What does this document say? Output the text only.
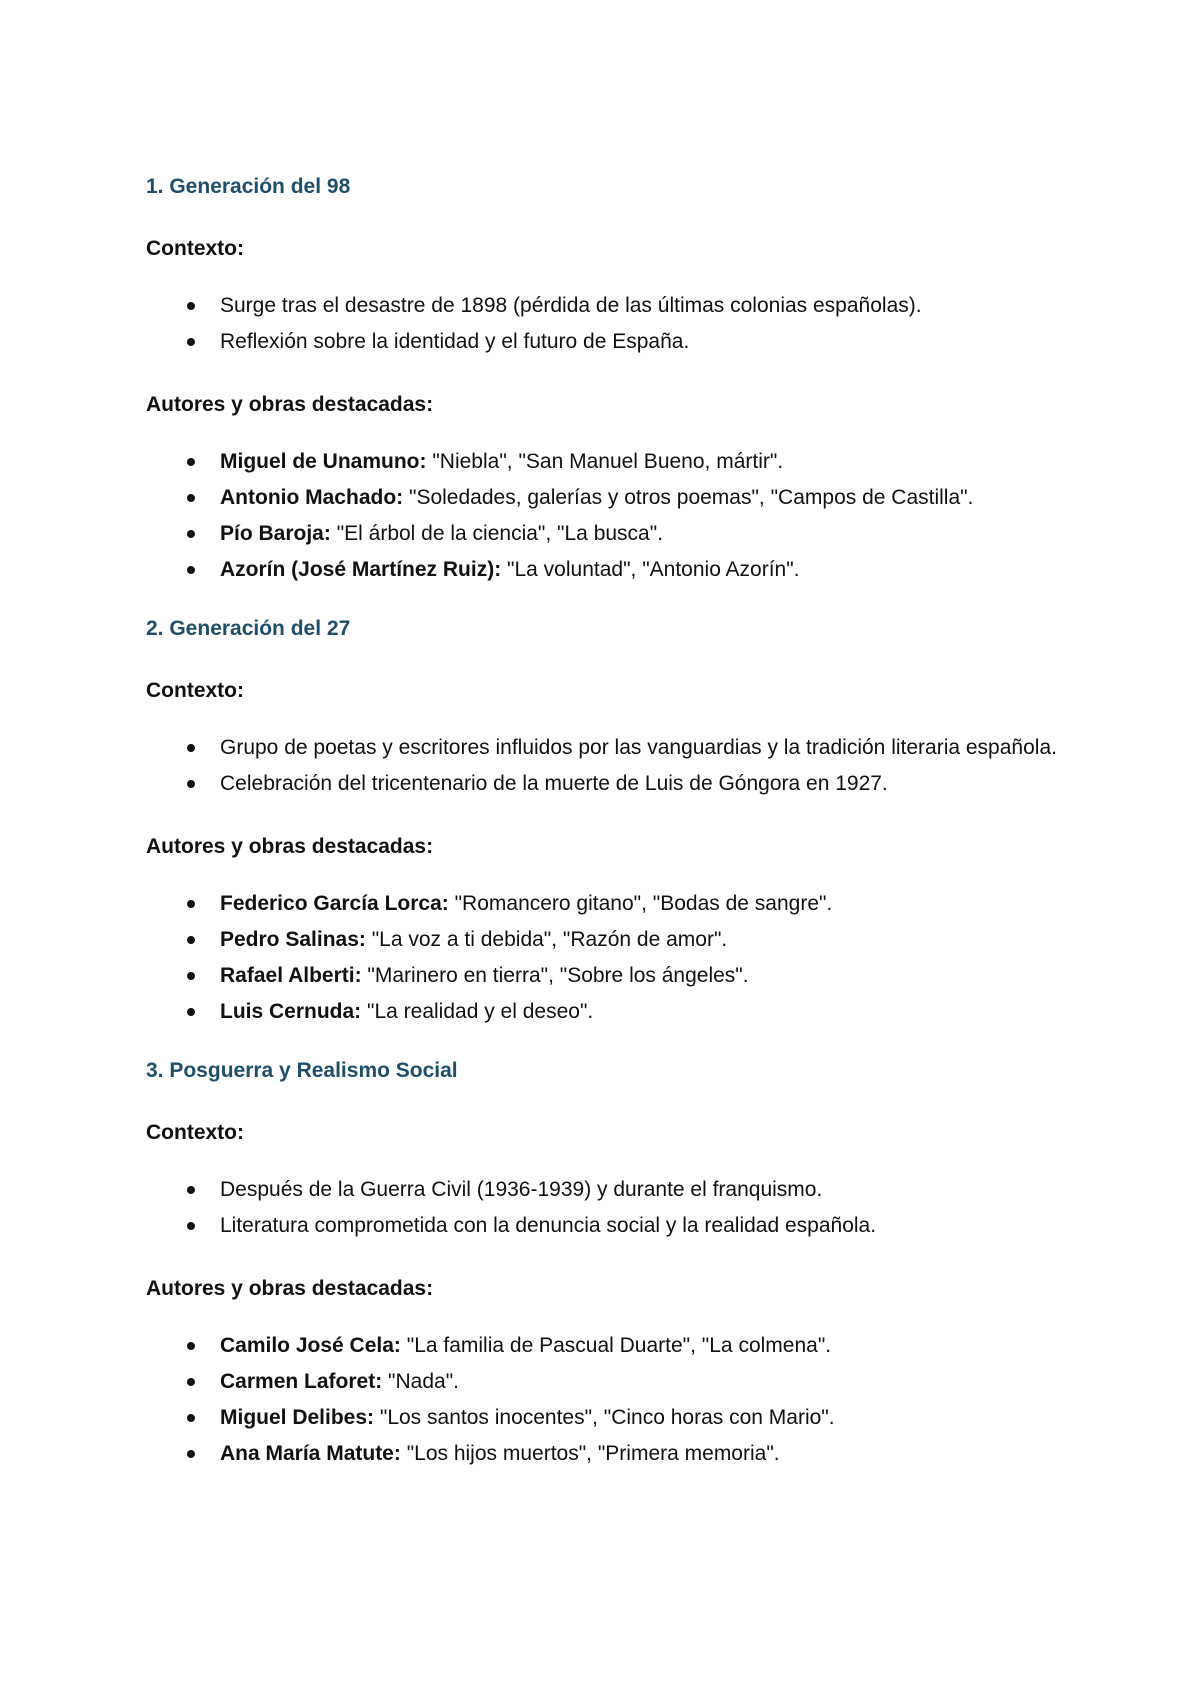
1. Generación del 98
Contexto:
Surge tras el desastre de 1898 (pérdida de las últimas colonias españolas).
Reflexión sobre la identidad y el futuro de España.
Autores y obras destacadas:
Miguel de Unamuno: "Niebla", "San Manuel Bueno, mártir".
Antonio Machado: "Soledades, galerías y otros poemas", "Campos de Castilla".
Pío Baroja: "El árbol de la ciencia", "La busca".
Azorín (José Martínez Ruiz): "La voluntad", "Antonio Azorín".
2. Generación del 27
Contexto:
Grupo de poetas y escritores influidos por las vanguardias y la tradición literaria española.
Celebración del tricentenario de la muerte de Luis de Góngora en 1927.
Autores y obras destacadas:
Federico García Lorca: "Romancero gitano", "Bodas de sangre".
Pedro Salinas: "La voz a ti debida", "Razón de amor".
Rafael Alberti: "Marinero en tierra", "Sobre los ángeles".
Luis Cernuda: "La realidad y el deseo".
3. Posguerra y Realismo Social
Contexto:
Después de la Guerra Civil (1936-1939) y durante el franquismo.
Literatura comprometida con la denuncia social y la realidad española.
Autores y obras destacadas:
Camilo José Cela: "La familia de Pascual Duarte", "La colmena".
Carmen Laforet: "Nada".
Miguel Delibes: "Los santos inocentes", "Cinco horas con Mario".
Ana María Matute: "Los hijos muertos", "Primera memoria".
